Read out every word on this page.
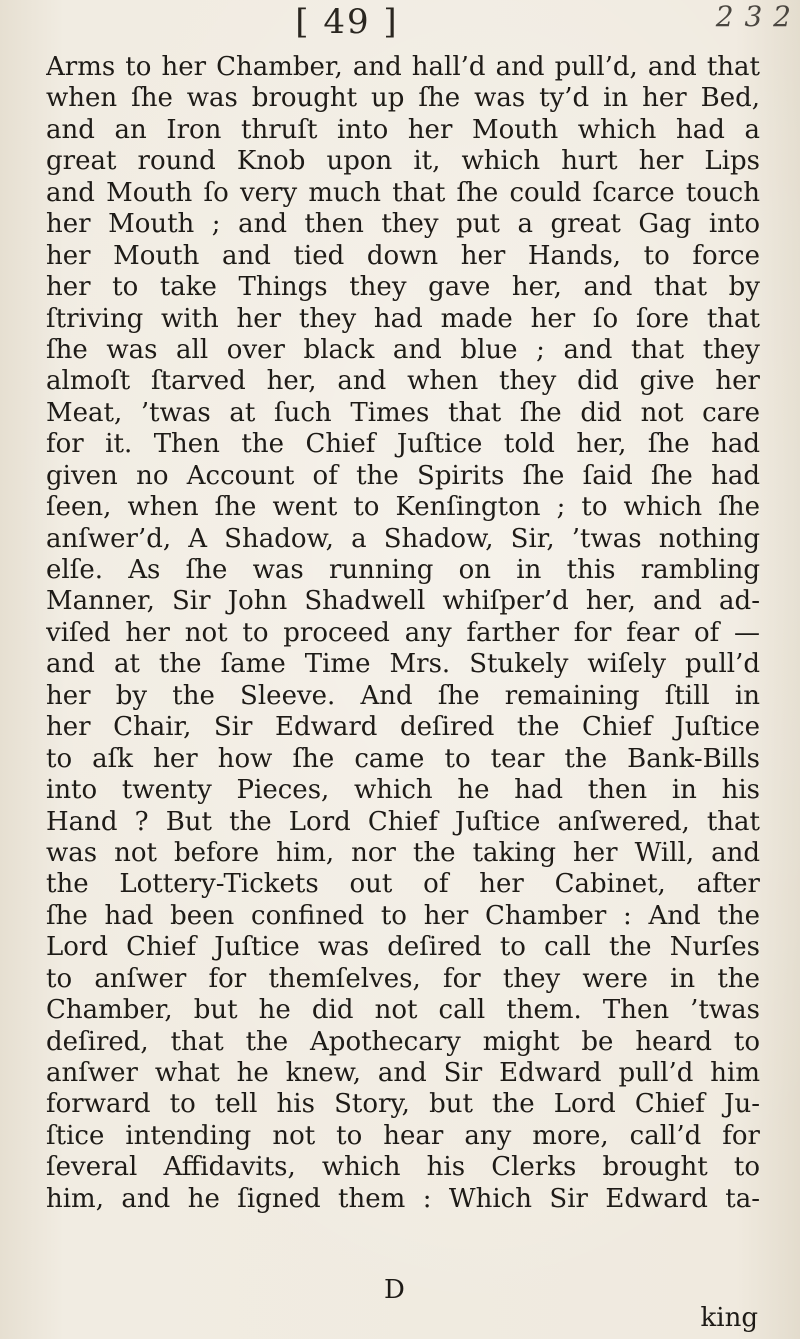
[ 49 ]	2 3 2
Arms to her Chamber, and hall’d and pull’d, and that
when ſhe was brought up ſhe was ty’d in her Bed,
and an Iron thruſt into her Mouth which had a
great round Knob upon it, which hurt her Lips
and Mouth ſo very much that ſhe could ſcarce touch
her Mouth ; and then they put a great Gag into
her Mouth and tied down her Hands, to force
her to take Things they gave her, and that by
ſtriving with her they had made her ſo ſore that
ſhe was all over black and blue ; and that they
almoſt ſtarved her, and when they did give her
Meat, ’twas at ſuch Times that ſhe did not care
for it. Then the Chief Juſtice told her, ſhe had
given no Account of the Spirits ſhe ſaid ſhe had
ſeen, when ſhe went to Kenſington ; to which ſhe
anſwer’d, A Shadow, a Shadow, Sir, ’twas nothing
elſe. As ſhe was running on in this rambling
Manner, Sir John Shadwell whiſper’d her, and ad-
viſed her not to proceed any farther for fear of —
and at the ſame Time Mrs. Stukely wiſely pull’d
her by the Sleeve. And ſhe remaining ſtill in
her Chair, Sir Edward deſired the Chief Juſtice
to aſk her how ſhe came to tear the Bank-Bills
into twenty Pieces, which he had then in his
Hand ? But the Lord Chief Juſtice anſwered, that
was not before him, nor the taking her Will, and
the Lottery-Tickets out of her Cabinet, after
ſhe had been confined to her Chamber : And the
Lord Chief Juſtice was deſired to call the Nurſes
to anſwer for themſelves, for they were in the
Chamber, but he did not call them. Then ’twas
deſired, that the Apothecary might be heard to
anſwer what he knew, and Sir Edward pull’d him
forward to tell his Story, but the Lord Chief Ju-
ſtice intending not to hear any more, call’d for
ſeveral Affidavits, which his Clerks brought to
him, and he ſigned them : Which Sir Edward ta-
D
king
